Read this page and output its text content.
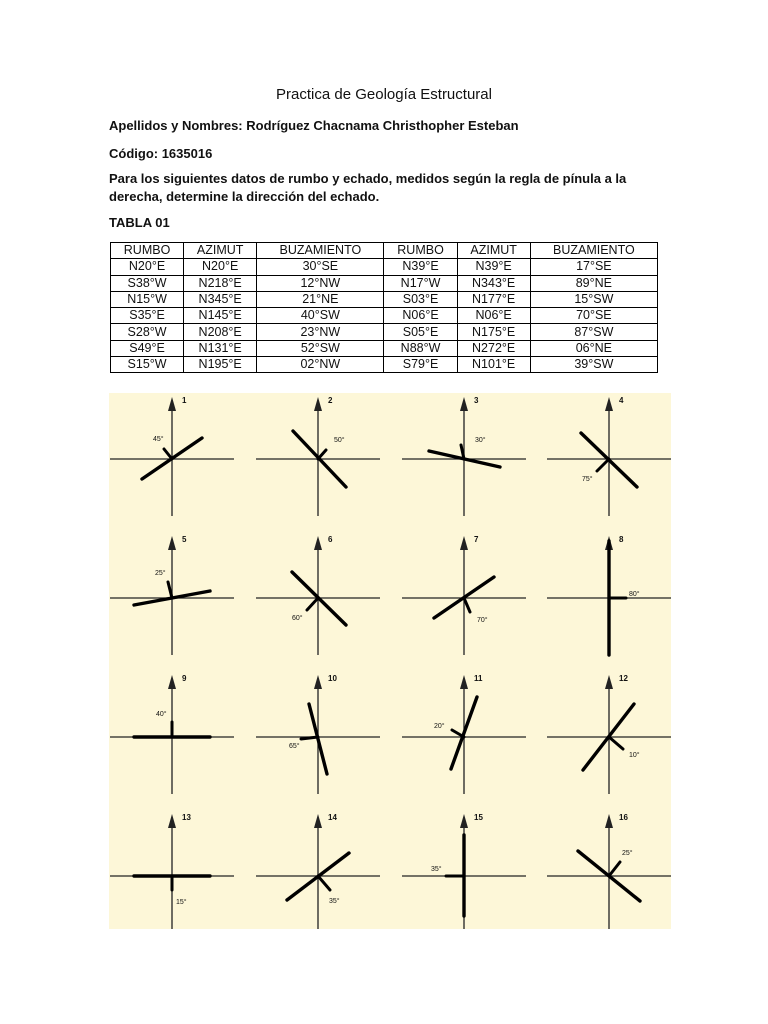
Practica de Geología Estructural
Apellidos y Nombres: Rodríguez Chacnama Christhopher Esteban
Código: 1635016
Para los siguientes datos de rumbo y echado, medidos según la regla de pínula a la derecha, determine la dirección del echado.
TABLA 01
RUMBO	AZIMUT	BUZAMIENTO	RUMBO	AZIMUT	BUZAMIENTO
N20°E	N20°E	30°SE	N39°E	N39°E	17°SE
S38°W	N218°E	12°NW	N17°W	N343°E	89°NE
N15°W	N345°E	21°NE	S03°E	N177°E	15°SW
S35°E	N145°E	40°SW	N06°E	N06°E	70°SE
S28°W	N208°E	23°NW	S05°E	N175°E	87°SW
S49°E	N131°E	52°SW	N88°W	N272°E	06°NE
S15°W	N195°E	02°NW	S79°E	N101°E	39°SW
1
45°
2
50°
3
30°
4
75°
5
25°
6
60°
7
70°
8
80°
9
40°
10
65°
11
20°
12
10°
13
15°
14
35°
15
35°
16
25°
